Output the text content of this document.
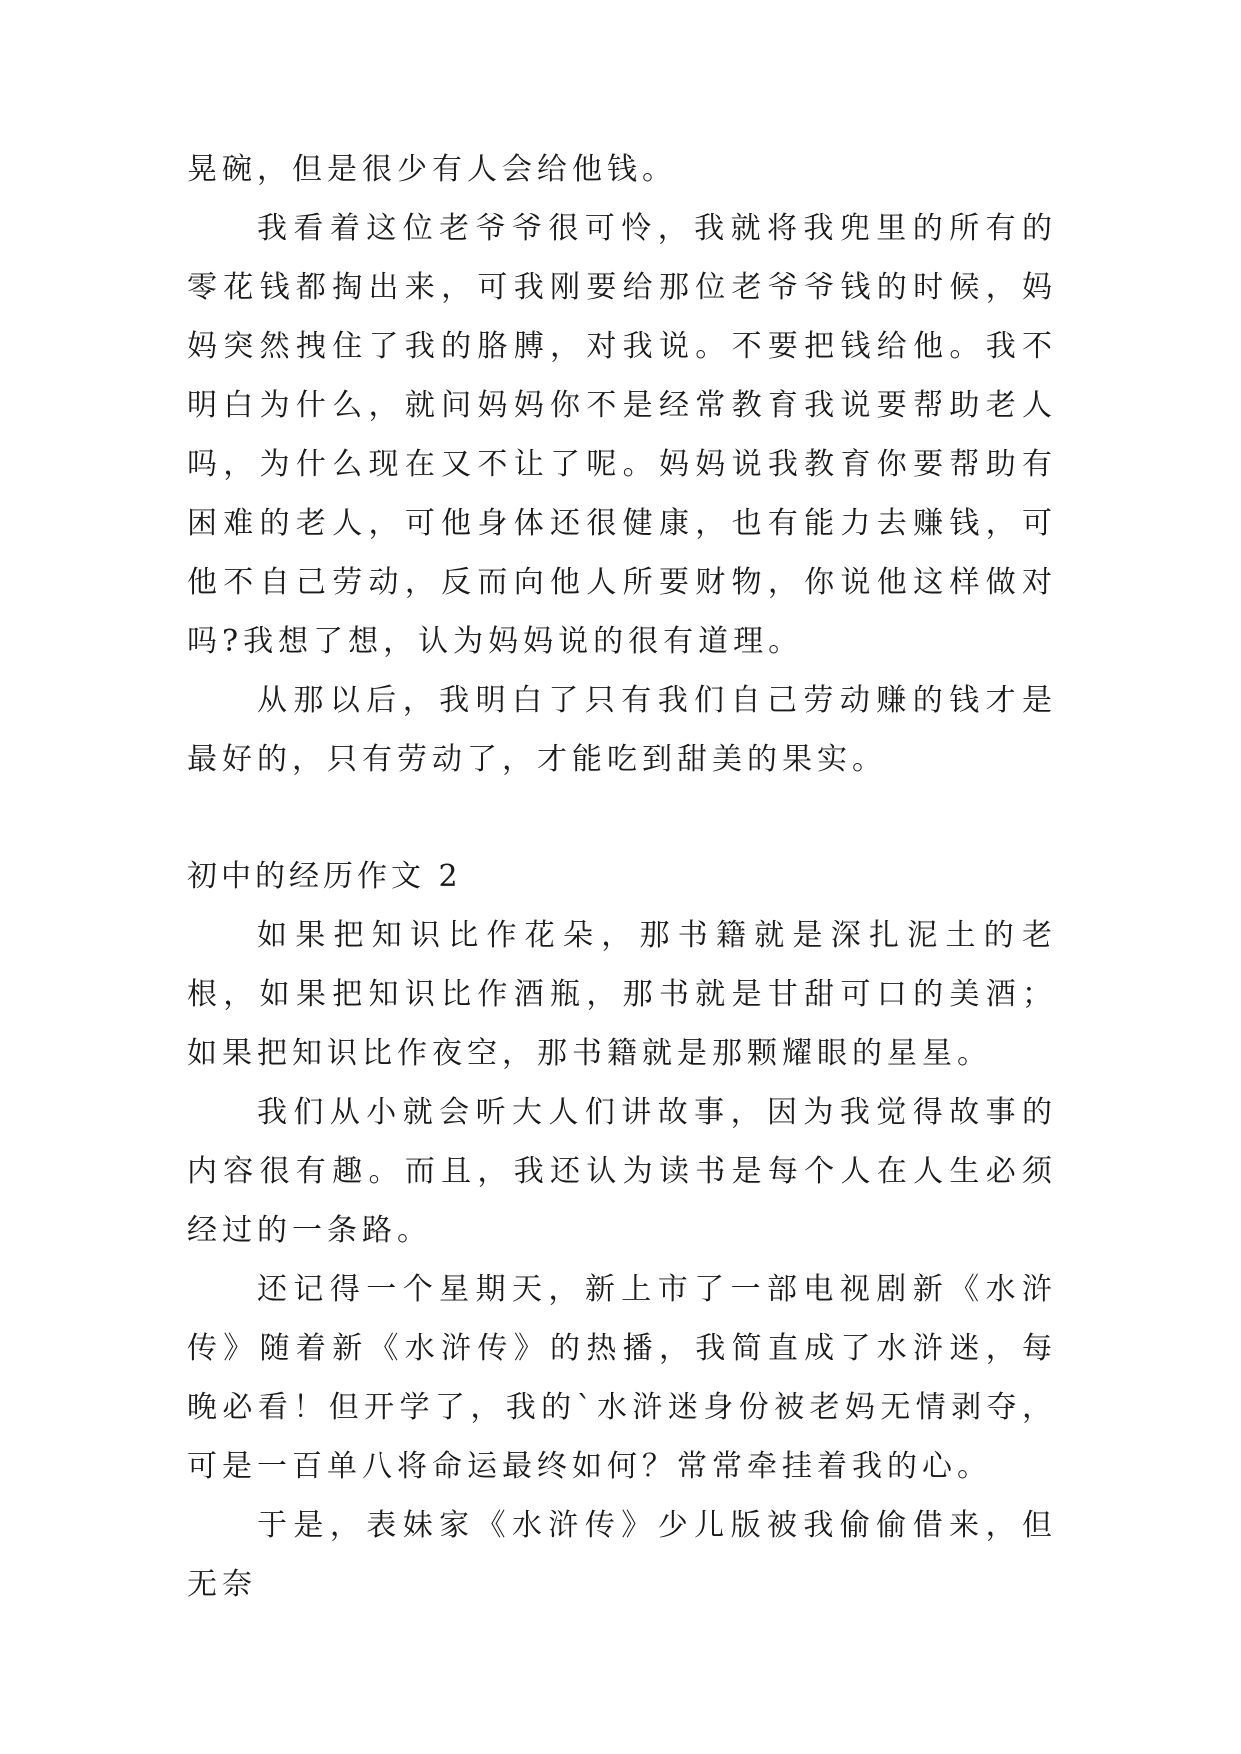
晃碗，但是很少有人会给他钱。

我看着这位老爷爷很可怜，我就将我兜里的所有的零花钱都掏出来，可我刚要给那位老爷爷钱的时候，妈妈突然拽住了我的胳膊，对我说。不要把钱给他。我不明白为什么，就问妈妈你不是经常教育我说要帮助老人吗，为什么现在又不让了呢。妈妈说我教育你要帮助有困难的老人，可他身体还很健康，也有能力去赚钱，可他不自己劳动，反而向他人所要财物，你说他这样做对吗?我想了想，认为妈妈说的很有道理。

从那以后，我明白了只有我们自己劳动赚的钱才是最好的，只有劳动了，才能吃到甜美的果实。

初中的经历作文 2

如果把知识比作花朵，那书籍就是深扎泥土的老根，如果把知识比作酒瓶，那书就是甘甜可口的美酒；如果把知识比作夜空，那书籍就是那颗耀眼的星星。

我们从小就会听大人们讲故事，因为我觉得故事的内容很有趣。而且，我还认为读书是每个人在人生必须经过的一条路。

还记得一个星期天，新上市了一部电视剧新《水浒传》随着新《水浒传》的热播，我简直成了水浒迷，每晚必看！但开学了，我的`水浒迷身份被老妈无情剥夺，可是一百单八将命运最终如何？常常牵挂着我的心。

于是，表妹家《水浒传》少儿版被我偷偷借来，但无奈
